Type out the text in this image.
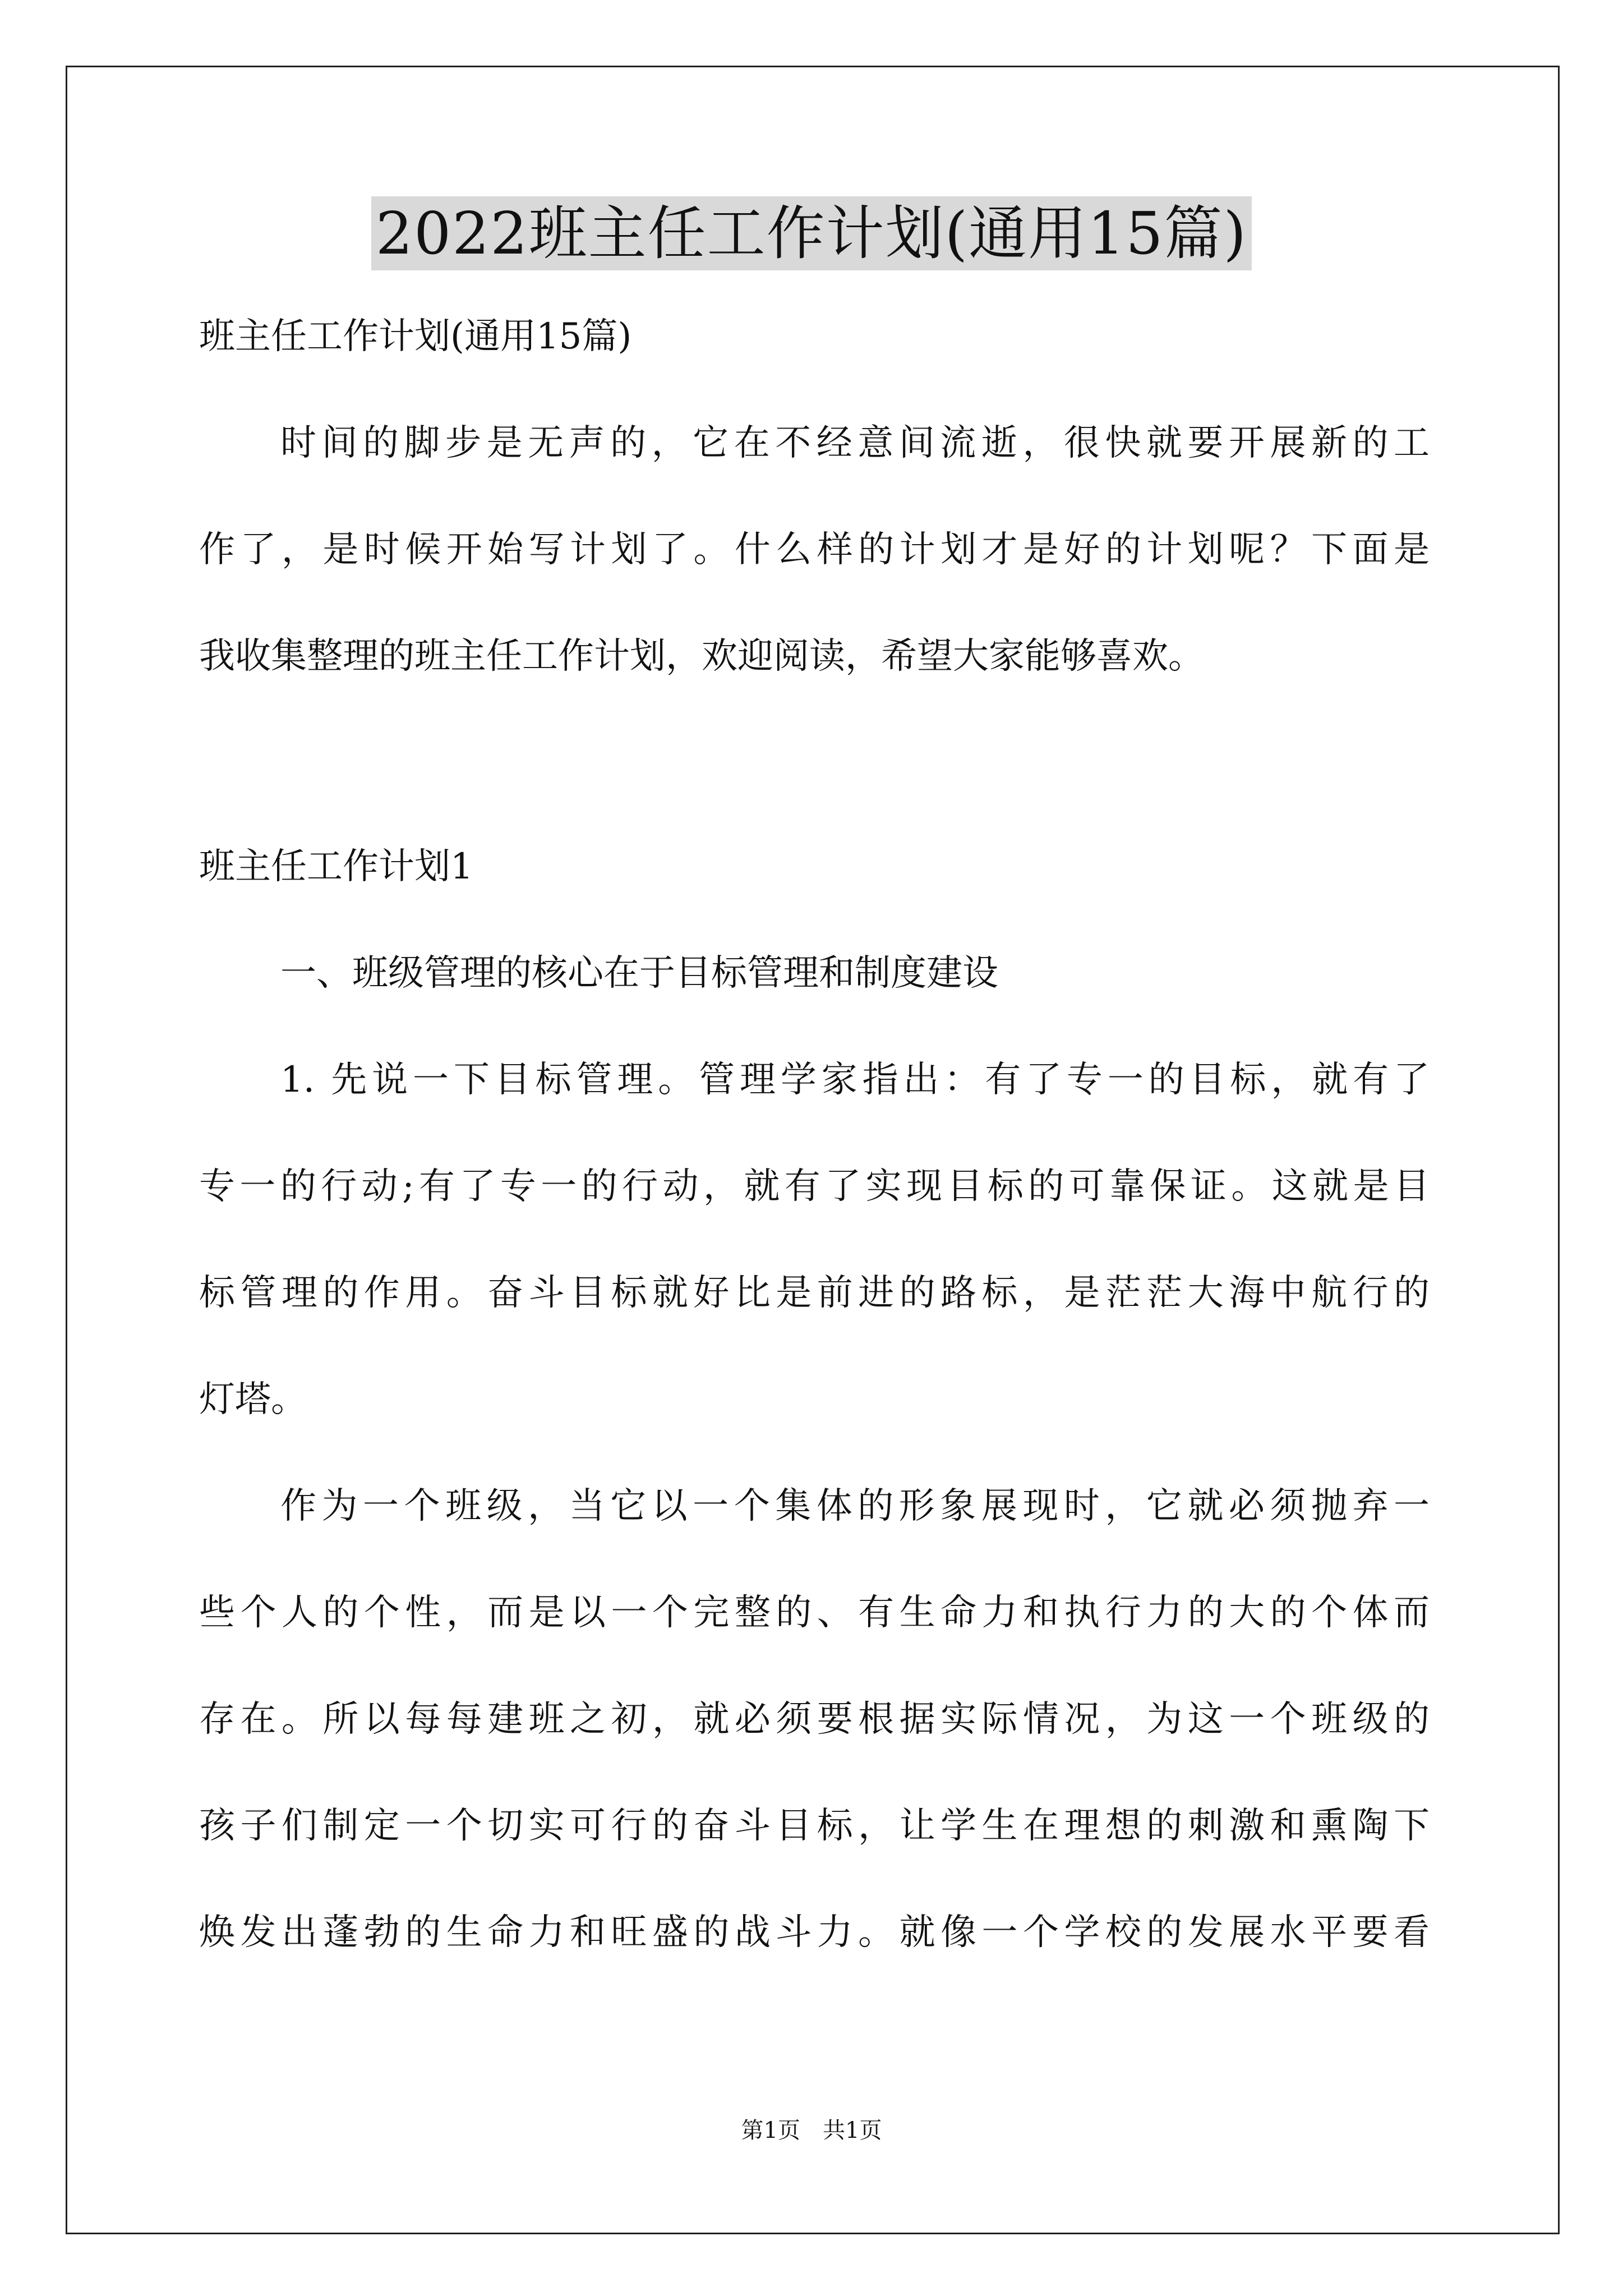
2022班主任工作计划(通用15篇)
班主任工作计划(通用15篇)
时间的脚步是无声的，它在不经意间流逝，很快就要开展新的工
作了，是时候开始写计划了。什么样的计划才是好的计划呢？下面是
我收集整理的班主任工作计划，欢迎阅读，希望大家能够喜欢。
班主任工作计划1
一、班级管理的核心在于目标管理和制度建设
1. 先说一下目标管理。管理学家指出：有了专一的目标，就有了
专一的行动;有了专一的行动，就有了实现目标的可靠保证。这就是目
标管理的作用。奋斗目标就好比是前进的路标，是茫茫大海中航行的
灯塔。
作为一个班级，当它以一个集体的形象展现时，它就必须抛弃一
些个人的个性，而是以一个完整的、有生命力和执行力的大的个体而
存在。所以每每建班之初，就必须要根据实际情况，为这一个班级的
孩子们制定一个切实可行的奋斗目标，让学生在理想的刺激和熏陶下
焕发出蓬勃的生命力和旺盛的战斗力。就像一个学校的发展水平要看
第1页　共1页
